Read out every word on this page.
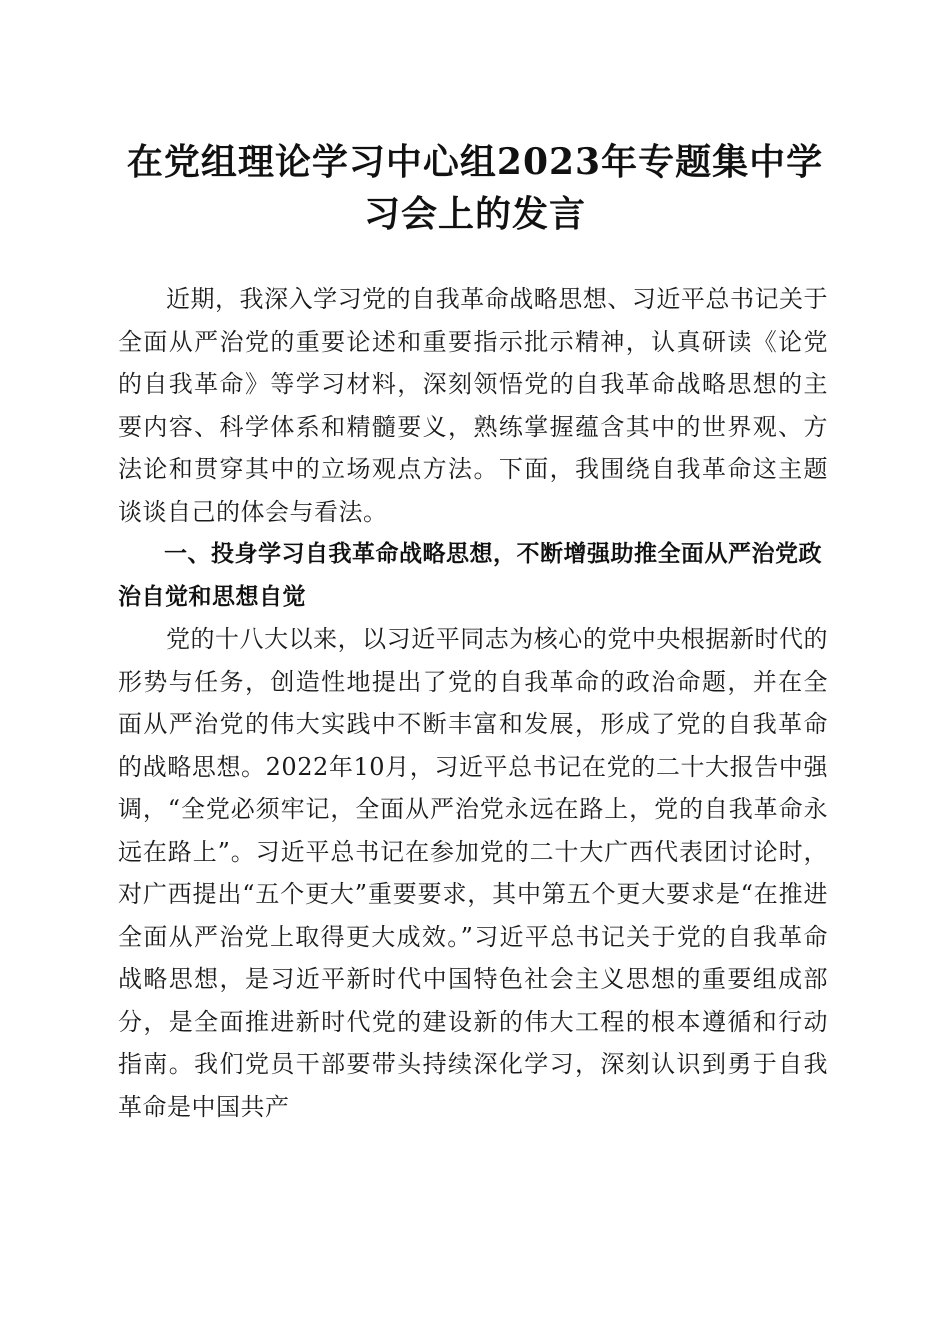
在党组理论学习中心组2023年专题集中学习会上的发言

近期，我深入学习党的自我革命战略思想、习近平总书记关于全面从严治党的重要论述和重要指示批示精神，认真研读《论党的自我革命》等学习材料，深刻领悟党的自我革命战略思想的主要内容、科学体系和精髓要义，熟练掌握蕴含其中的世界观、方法论和贯穿其中的立场观点方法。下面，我围绕自我革命这主题谈谈自己的体会与看法。

一、投身学习自我革命战略思想，不断增强助推全面从严治党政治自觉和思想自觉

党的十八大以来，以习近平同志为核心的党中央根据新时代的形势与任务，创造性地提出了党的自我革命的政治命题，并在全面从严治党的伟大实践中不断丰富和发展，形成了党的自我革命的战略思想。2022年10月，习近平总书记在党的二十大报告中强调，“全党必须牢记，全面从严治党永远在路上，党的自我革命永远在路上”。习近平总书记在参加党的二十大广西代表团讨论时，对广西提出“五个更大”重要要求，其中第五个更大要求是“在推进全面从严治党上取得更大成效。”习近平总书记关于党的自我革命战略思想，是习近平新时代中国特色社会主义思想的重要组成部分，是全面推进新时代党的建设新的伟大工程的根本遵循和行动指南。我们党员干部要带头持续深化学习，深刻认识到勇于自我革命是中国共产
